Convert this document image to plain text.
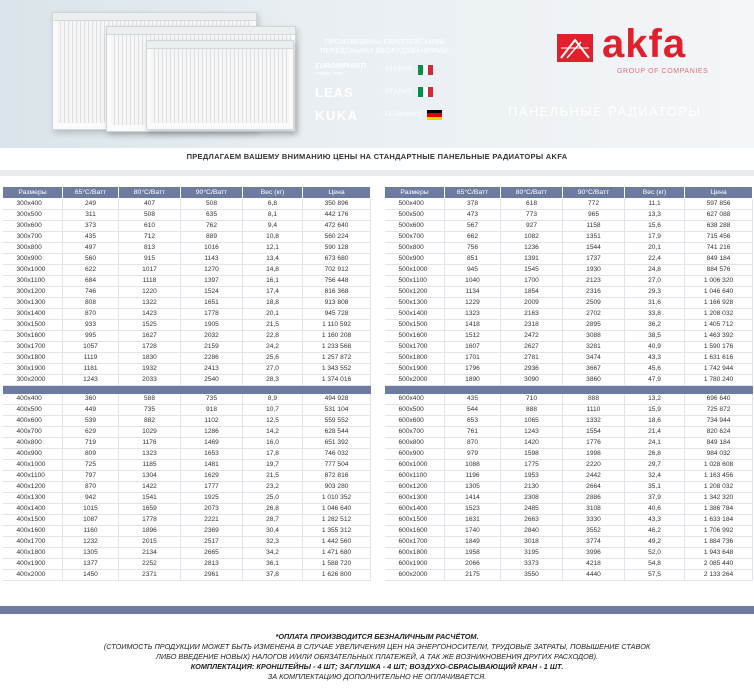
ПРОИЗВЕДЕНЫ ЕВРОПЕЙСКИМИ ПЕРЕДОВЫМИ ОБОРУДОВАНИЯМИ:
EUROIMPIANTI
coating lines
- ИТАЛИЯ
LEAS	- ИТАЛИЯ
KUKA	- ГЕРМАНИЯ
akfa
GROUP OF COMPANIES
ПАНЕЛЬНЫЕ РАДИАТОРЫ
ПРЕДЛАГАЕМ ВАШЕМУ ВНИМАНИЮ ЦЕНЫ НА СТАНДАРТНЫЕ ПАНЕЛЬНЫЕ РАДИАТОРЫ AKFA
Размеры	65°C/Ватт	80°C/Ватт	90°C/Ватт	Вес (кг)	Цена
300x400	249	407	508	6,8	350 896
300x500	311	508	635	8,1	442 176
300x600	373	610	762	9,4	472 640
300x700	435	712	889	10,8	560 224
300x800	497	813	1016	12,1	590 128
300x900	560	915	1143	13,4	673 680
300x1000	622	1017	1270	14,8	702 912
300x1100	684	1118	1397	16,1	756 448
300x1200	746	1220	1524	17,4	816 368
300x1300	808	1322	1651	18,8	913 808
300x1400	870	1423	1778	20,1	945 728
300x1500	933	1525	1905	21,5	1 110 592
300x1600	995	1627	2032	22,8	1 160 208
300x1700	1057	1728	2159	24,2	1 233 568
300x1800	1119	1830	2286	25,6	1 257 872
300x1900	1181	1932	2413	27,0	1 343 552
300x2000	1243	2033	2540	28,3	1 374 016

400x400	360	588	735	8,9	494 928
400x500	449	735	918	10,7	531 104
400x600	539	882	1102	12,5	559 552
400x700	629	1029	1286	14,2	628 544
400x800	719	1176	1469	16,0	651 392
400x900	809	1323	1653	17,8	746 032
400x1000	725	1185	1481	19,7	777 504
400x1100	797	1304	1629	21,5	872 816
400x1200	870	1422	1777	23,2	903 280
400x1300	942	1541	1925	25,0	1 010 352
400x1400	1015	1659	2073	26,8	1 046 640
400x1500	1087	1778	2221	28,7	1 282 512
400x1600	1160	1896	2369	30,4	1 355 312
400x1700	1232	2015	2517	32,3	1 442 560
400x1800	1305	2134	2665	34,2	1 471 680
400x1900	1377	2252	2813	36,1	1 588 720
400x2000	1450	2371	2961	37,8	1 626 800
Размеры	65°C/Ватт	80°C/Ватт	90°C/Ватт	Вес (кг)	Цена
500x400	378	618	772	11,1	597 856
500x500	473	773	965	13,3	627 088
500x600	567	927	1158	15,6	638 288
500x700	662	1082	1351	17,9	715 456
500x800	756	1236	1544	20,1	741 216
500x900	851	1391	1737	22,4	849 184
500x1000	945	1545	1930	24,8	884 576
500x1100	1040	1700	2123	27,0	1 006 320
500x1200	1134	1854	2316	29,3	1 046 640
500x1300	1229	2009	2509	31,6	1 166 928
500x1400	1323	2163	2702	33,8	1 208 032
500x1500	1418	2318	2895	36,2	1 405 712
500x1600	1512	2472	3088	38,5	1 463 392
500x1700	1607	2627	3281	40,9	1 590 176
500x1800	1701	2781	3474	43,3	1 631 616
500x1900	1796	2936	3667	45,6	1 742 944
500x2000	1890	3090	3860	47,9	1 780 240

600x400	435	710	888	13,2	696 640
600x500	544	888	1110	15,9	725 872
600x600	653	1065	1332	18,6	734 944
600x700	761	1243	1554	21,4	820 624
600x800	870	1420	1776	24,1	849 184
600x900	979	1598	1998	26,8	984 032
600x1000	1088	1775	2220	29,7	1 028 608
600x1100	1196	1953	2442	32,4	1 163 456
600x1200	1305	2130	2664	35,1	1 208 032
600x1300	1414	2308	2886	37,9	1 342 320
600x1400	1523	2485	3108	40,6	1 386 784
600x1500	1631	2663	3330	43,3	1 633 184
600x1600	1740	2840	3552	46,2	1 706 992
600x1700	1849	3018	3774	49,2	1 884 736
600x1800	1958	3195	3996	52,0	1 943 648
600x1900	2066	3373	4218	54,8	2 085 440
600x2000	2175	3550	4440	57,5	2 133 264
*ОПЛАТА ПРОИЗВОДИТСЯ БЕЗНАЛИЧНЫМ РАСЧЁТОМ.
(СТОИМОСТЬ ПРОДУКЦИИ МОЖЕТ БЫТЬ ИЗМЕНЕНА В СЛУЧАЕ УВЕЛИЧЕНИЯ ЦЕН НА ЭНЕРГОНОСИТЕЛИ, ТРУДОВЫЕ ЗАТРАТЫ, ПОВЫШЕНИЕ СТАВОК
ЛИБО ВВЕДЕНИЕ НОВЫХ) НАЛОГОВ И/ИЛИ ОБЯЗАТЕЛЬНЫХ ПЛАТЕЖЕЙ, А ТАК ЖЕ ВОЗНИКНОВЕНИЯ ДРУГИХ РАСХОДОВ).
КОМПЛЕКТАЦИЯ: КРОНШТЕЙНЫ - 4 ШТ; ЗАГЛУШКА - 4 ШТ; ВОЗДУХО-СБРАСЫВАЮЩИЙ КРАН - 1 ШТ.
ЗА КОМПЛЕКТАЦИЮ ДОПОЛНИТЕЛЬНО НЕ ОПЛАЧИВАЕТСЯ.
